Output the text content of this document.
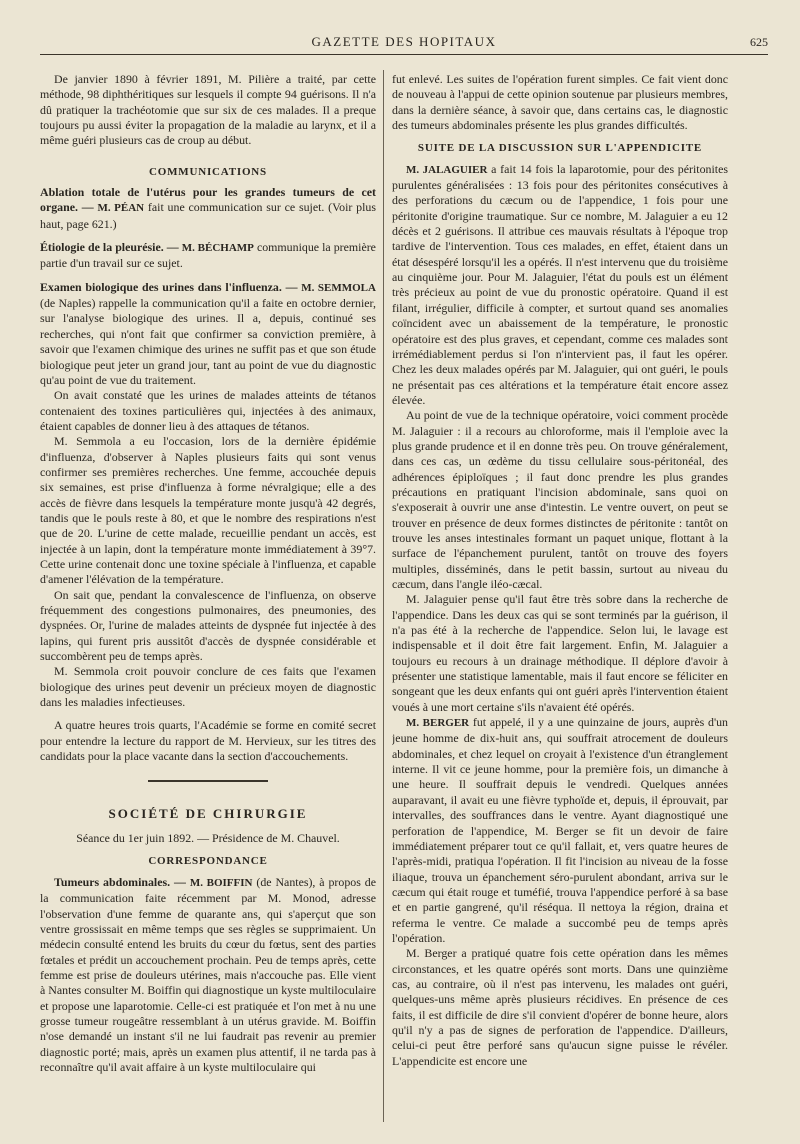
GAZETTE DES HOPITAUX	625

De janvier 1890 à février 1891, M. Pilière a traité, par cette méthode, 98 diphthéritiques sur lesquels il compte 94 guérisons. Il n'a dû pratiquer la trachéotomie que sur six de ces malades. Il a preque toujours pu aussi éviter la propagation de la maladie au larynx, et il a même guéri plusieurs cas de croup au début.

COMMUNICATIONS

Ablation totale de l'utérus pour les grandes tumeurs de cet organe. — M. PÉAN fait une communication sur ce sujet. (Voir plus haut, page 621.)

Étiologie de la pleurésie. — M. BÉCHAMP communique la première partie d'un travail sur ce sujet.

Examen biologique des urines dans l'influenza. — M. SEMMOLA (de Naples) rappelle la communication qu'il a faite en octobre dernier, sur l'analyse biologique des urines. Il a, depuis, continué ses recherches, qui n'ont fait que confirmer sa conviction première, à savoir que l'examen chimique des urines ne suffit pas et que son étude biologique peut jeter un grand jour, tant au point de vue du diagnostic qu'au point de vue du traitement.

On avait constaté que les urines de malades atteints de tétanos contenaient des toxines particulières qui, injectées à des animaux, étaient capables de donner lieu à des attaques de tétanos.

M. Semmola a eu l'occasion, lors de la dernière épidémie d'influenza, d'observer à Naples plusieurs faits qui sont venus confirmer ses premières recherches. Une femme, accouchée depuis six semaines, est prise d'influenza à forme névralgique; elle a des accès de fièvre dans lesquels la température monte jusqu'à 42 degrés, tandis que le pouls reste à 80, et que le nombre des respirations n'est que de 20. L'urine de cette malade, recueillie pendant un accès, est injectée à un lapin, dont la température monte immédiatement à 39°7. Cette urine contenait donc une toxine spéciale à l'influenza, et capable d'amener l'élévation de la température.

On sait que, pendant la convalescence de l'influenza, on observe fréquemment des congestions pulmonaires, des pneumonies, des dyspnées. Or, l'urine de malades atteints de dyspnée fut injectée à des lapins, qui furent pris aussitôt d'accès de dyspnée considérable et succombèrent peu de temps après.

M. Semmola croit pouvoir conclure de ces faits que l'examen biologique des urines peut devenir un précieux moyen de diagnostic dans les maladies infectieuses.

A quatre heures trois quarts, l'Académie se forme en comité secret pour entendre la lecture du rapport de M. Hervieux, sur les titres des candidats pour la place vacante dans la section d'accouchements.

SOCIÉTÉ DE CHIRURGIE

Séance du 1er juin 1892. — Présidence de M. Chauvel.

CORRESPONDANCE

Tumeurs abdominales. — M. BOIFFIN (de Nantes), à propos de la communication faite récemment par M. Monod, adresse l'observation d'une femme de quarante ans, qui s'aperçut que son ventre grossissait en même temps que ses règles se supprimaient. Un médecin consulté entend les bruits du cœur du fœtus, sent des parties fœtales et prédit un accouchement prochain. Peu de temps après, cette femme est prise de douleurs utérines, mais n'accouche pas. Elle vient à Nantes consulter M. Boiffin qui diagnostique un kyste multiloculaire et propose une laparotomie. Celle-ci est pratiquée et l'on met à nu une grosse tumeur rougeâtre ressemblant à un utérus gravide. M. Boiffin n'ose demandé un instant s'il ne lui faudrait pas revenir au premier diagnostic porté; mais, après un examen plus attentif, il ne tarda pas à reconnaître qu'il avait affaire à un kyste multiloculaire qui

fut enlevé. Les suites de l'opération furent simples. Ce fait vient donc de nouveau à l'appui de cette opinion soutenue par plusieurs membres, dans la dernière séance, à savoir que, dans certains cas, le diagnostic des tumeurs abdominales présente les plus grandes difficultés.

SUITE DE LA DISCUSSION SUR L'APPENDICITE

M. JALAGUIER a fait 14 fois la laparotomie, pour des péritonites purulentes généralisées : 13 fois pour des péritonites consécutives à des perforations du cæcum ou de l'appendice, 1 fois pour une péritonite d'origine traumatique. Sur ce nombre, M. Jalaguier a eu 12 décès et 2 guérisons. Il attribue ces mauvais résultats à l'époque trop tardive de l'intervention. Tous ces malades, en effet, étaient dans un état désespéré lorsqu'il les a opérés. Il n'est intervenu que du troisième au cinquième jour. Pour M. Jalaguier, l'état du pouls est un élément très précieux au point de vue du pronostic opératoire. Quand il est filant, irrégulier, difficile à compter, et surtout quand ses anomalies coïncident avec un abaissement de la température, le pronostic opératoire est des plus graves, et cependant, comme ces malades sont irrémédiablement perdus si l'on n'intervient pas, il faut les opérer. Chez les deux malades opérés par M. Jalaguier, qui ont guéri, le pouls ne présentait pas ces altérations et la température était encore assez élevée.

Au point de vue de la technique opératoire, voici comment procède M. Jalaguier : il a recours au chloroforme, mais il l'emploie avec la plus grande prudence et il en donne très peu. On trouve généralement, dans ces cas, un œdème du tissu cellulaire sous-péritonéal, des adhérences épiploïques ; il faut donc prendre les plus grandes précautions en pratiquant l'incision abdominale, sans quoi on s'exposerait à ouvrir une anse d'intestin. Le ventre ouvert, on peut se trouver en présence de deux formes distinctes de péritonite : tantôt on trouve les anses intestinales formant un paquet unique, flottant à la surface de l'épanchement purulent, tantôt on trouve des foyers multiples, disséminés, dans le petit bassin, surtout au niveau du cæcum, dans l'angle iléo-cæcal.

M. Jalaguier pense qu'il faut être très sobre dans la recherche de l'appendice. Dans les deux cas qui se sont terminés par la guérison, il n'a pas été à la recherche de l'appendice. Selon lui, le lavage est indispensable et il doit être fait largement. Enfin, M. Jalaguier a toujours eu recours à un drainage méthodique. Il déplore d'avoir à présenter une statistique lamentable, mais il faut encore se féliciter en songeant que les deux enfants qui ont guéri après l'intervention étaient voués à une mort certaine s'ils n'avaient été opérés.

M. BERGER fut appelé, il y a une quinzaine de jours, auprès d'un jeune homme de dix-huit ans, qui souffrait atrocement de douleurs abdominales, et chez lequel on croyait à l'existence d'un étranglement interne. Il vit ce jeune homme, pour la première fois, un dimanche à une heure. Il souffrait depuis le vendredi. Quelques années auparavant, il avait eu une fièvre typhoïde et, depuis, il éprouvait, par intervalles, des souffrances dans le ventre. Ayant diagnostiqué une perforation de l'appendice, M. Berger se fit un devoir de faire immédiatement préparer tout ce qu'il fallait, et, vers quatre heures de l'après-midi, pratiqua l'opération. Il fit l'incision au niveau de la fosse iliaque, trouva un épanchement séro-purulent abondant, arriva sur le cæcum qui était rouge et tuméfié, trouva l'appendice perforé à sa base et en partie gangrené, qu'il réséqua. Il nettoya la région, draina et referma le ventre. Ce malade a succombé peu de temps après l'opération.

M. Berger a pratiqué quatre fois cette opération dans les mêmes circonstances, et les quatre opérés sont morts. Dans une quinzième cas, au contraire, où il n'est pas intervenu, les malades ont guéri, quelques-uns même après plusieurs récidives. En présence de ces faits, il est difficile de dire s'il convient d'opérer de bonne heure, alors qu'il n'y a pas de signes de perforation de l'appendice. D'ailleurs, celui-ci peut être perforé sans qu'aucun signe puisse le révéler. L'appendicite est encore une
